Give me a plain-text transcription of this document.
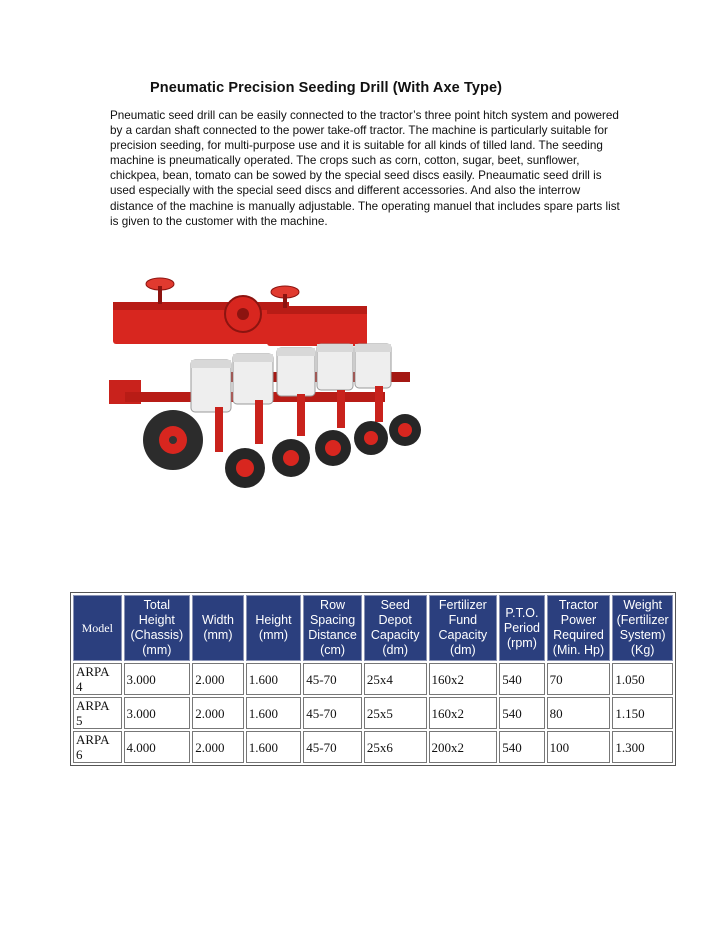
Pneumatic Precision Seeding Drill (With Axe Type)

Pneumatic seed drill can be easily connected to the tractor’s three point hitch system and powered by a cardan shaft connected to the power take-off tractor. The machine is particularly suitable for precision seeding, for multi-purpose use and it is suitable for all kinds of tilled land. The seeding machine is pneumatically operated. The crops such as corn, cotton, sugar, beet, sunflower, chickpea, bean, tomato can be sowed by the special seed discs easily. Pneaumatic seed drill is used especially with the special seed discs and different accessories. And also the interrow distance of the machine is manually adjustable. The operating manuel that includes spare parts list is given to the customer with the machine.

Model	Total Height (Chassis) (mm)	Width (mm)	Height (mm)	Row Spacing Distance (cm)	Seed Depot Capacity (dm)	Fertilizer Fund Capacity (dm)	P.T.O. Period (rpm)	Tractor Power Required (Min. Hp)	Weight (Fertilizer System) (Kg)
ARPA 4	3.000	2.000	1.600	45-70	25x4	160x2	540	70	1.050
ARPA 5	3.000	2.000	1.600	45-70	25x5	160x2	540	80	1.150
ARPA 6	4.000	2.000	1.600	45-70	25x6	200x2	540	100	1.300
